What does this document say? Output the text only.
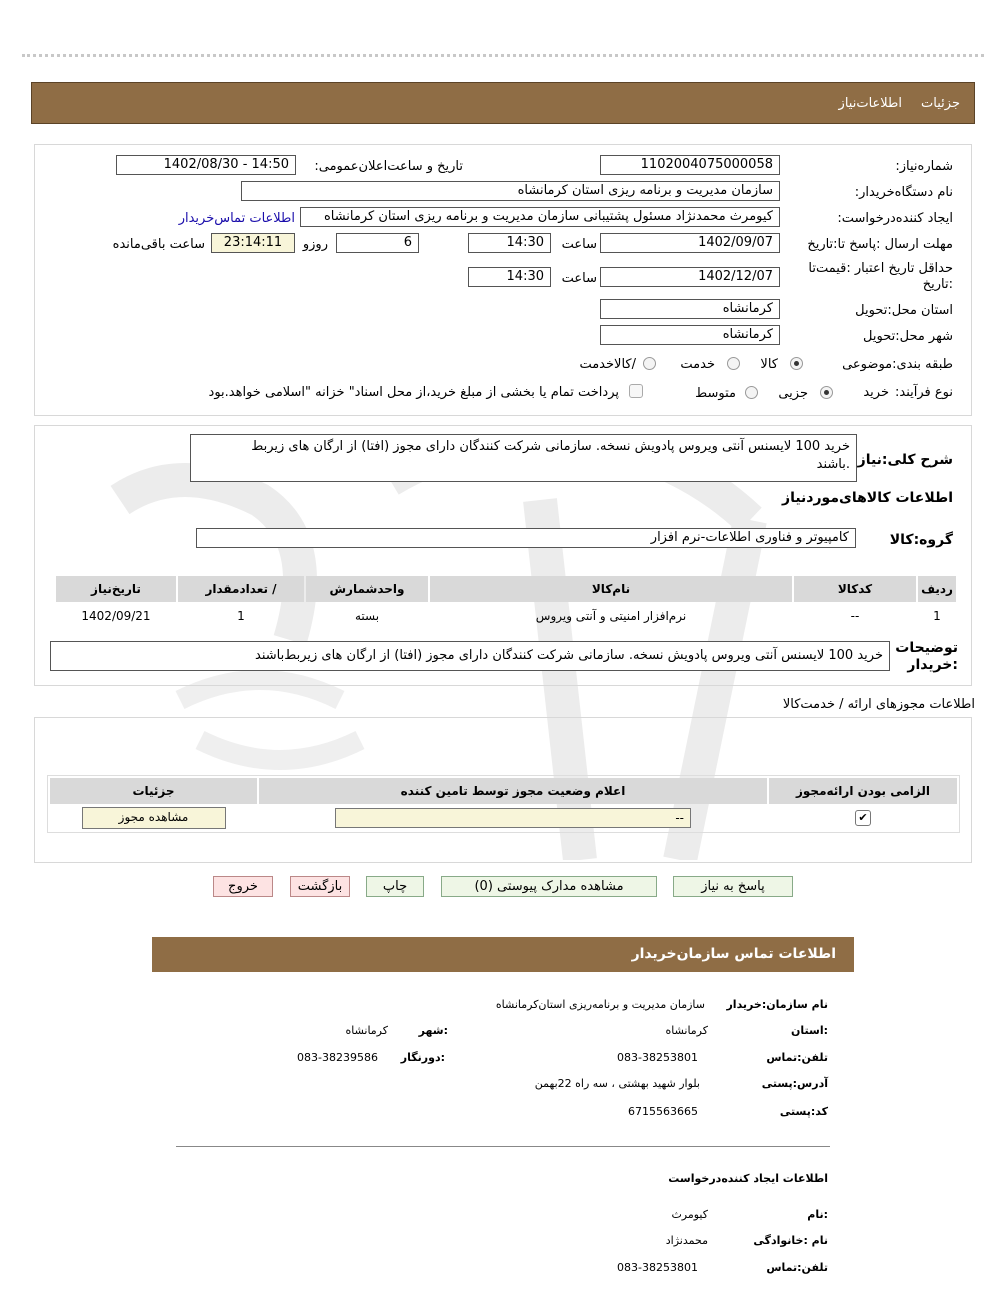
جزئیات
اطلاعات‌نیاز
شماره‌نیاز:
1102004075000058
تاریخ و ساعت‌اعلان‌عمومی:
1402/08/30 - 14:50
نام دستگاه‌خریدار:
سازمان مدیریت و برنامه ریزی استان کرمانشاه
ایجاد کننده‌درخواست:
کیومرث محمدنژاد مسئول پشتیبانی سازمان مدیریت و برنامه ریزی استان کرمانشاه
اطلاعات تماس‌خریدار
مهلت ارسال :پاسخ تا:تاریخ
1402/09/07
ساعت
14:30
6
روزو
23:14:11
ساعت باقی‌مانده
حداقل تاریخ اعتبار :قیمت‌تا
:تاریخ
1402/12/07
ساعت
14:30
استان محل:تحویل
کرمانشاه
شهر محل:تحویل
کرمانشاه
طبقه بندی:موضوعی
کالا
خدمت
/کالاخدمت
نوع فرآیند:
خرید
جزیی
متوسط
پرداخت تمام یا بخشی از مبلغ خرید،از محل اسناد" خزانه "اسلامی خواهد.بود
شرح کلی:نیاز
خرید 100 لایسنس آنتی ویروس پادویش نسخه. سازمانی شرکت کنندگان دارای مجوز (افتا) از ارگان های زیربط
.باشند
اطلاعات کالاهای‌موردنیاز
گروه:کالا
کامپیوتر و فناوری اطلاعات-نرم افزار
ردیف	کدکالا	نام‌کالا	واحدشمارش	/ تعدادمقدار	تاریخ‌نیاز
1	--	نرم‌افزار امنیتی و آنتی ویروس	بسته	1	1402/09/21
توضیحات
:خریدار
خرید 100 لایسنس آنتی ویروس پادویش نسخه. سازمانی شرکت کنندگان دارای مجوز (افتا) از ارگان های زیربط‌باشند
اطلاعات مجوزهای ارائه / خدمت‌کالا
الزامی بودن ارائه‌مجوز	اعلام وضعیت مجوز توسط تامین کننده	جزئیات
✔	--	مشاهده مجوز
پاسخ به نیاز
مشاهده مدارک پیوستی (0)
چاپ
بازگشت
خروج
اطلاعات تماس سازمان‌خریدار
نام سازمان:خریدار
سازمان مدیریت و برنامه‌ریزی استان‌کرمانشاه
:استان
کرمانشاه
:شهر
کرمانشاه
تلفن:تماس
083-38253801
:دورنگار
083-38239586
آدرس:پستی
بلوار شهید بهشتی ، سه راه 22بهمن
کد:پستی
6715563665
اطلاعات ایجاد کننده‌درخواست
:نام
کیومرث
نام :خانوادگی
محمدنژاد
تلفن:تماس
083-38253801
